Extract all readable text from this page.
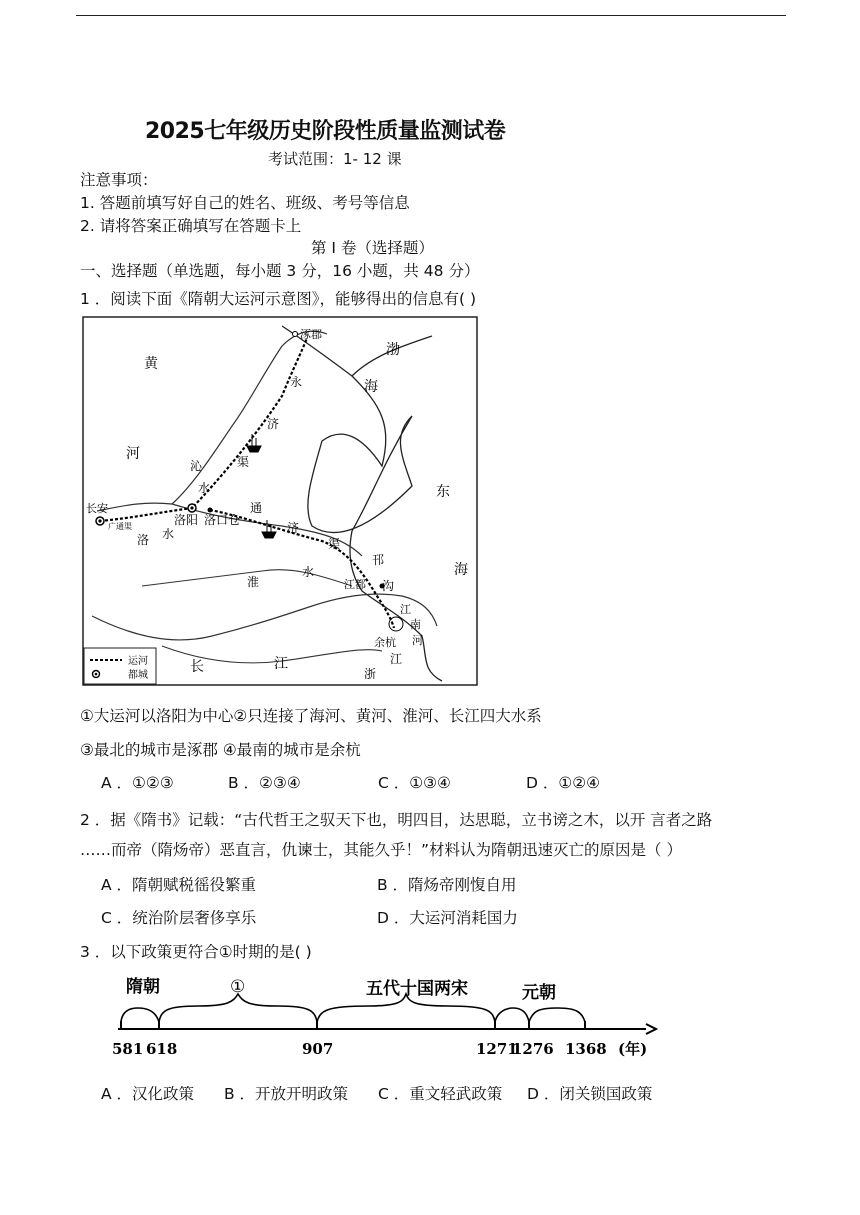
2025七年级历史阶段性质量监测试卷
考试范围：1- 12 课
注意事项：
1. 答题前填写好自己的姓名、班级、考号等信息
2. 请将答案正确填写在答题卡上
第 Ⅰ 卷（选择题）
一、选择题（单选题，每小题 3 分，16 小题，共 48 分）
1 ．阅读下面《隋朝大运河示意图》，能够得出的信息有( )
涿郡
渤
海
黄
河
永
济
沁	渠
水
长安
广通渠
洛 水
洛阳 洛口仓
通
济
渠
东
海
淮
水
邗
沟
江都
江
南
河
余杭
长	江
浙
江
运河
都城
①大运河以洛阳为中心②只连接了海河、黄河、淮河、长江四大水系
③最北的城市是涿郡 ④最南的城市是余杭
A ．①②③	B ．②③④	C ．①③④	D ．①②④
2 ．据《隋书》记载：“古代哲王之驭天下也，明四目，达思聪，立书谤之木，以开 言者之路
……而帝（隋炀帝）恶直言，仇谏士，其能久乎！”材料认为隋朝迅速灭亡的原因是（ ）
A ．隋朝赋税徭役繁重	B ．隋炀帝刚愎自用
C ．统治阶层奢侈享乐	D ．大运河消耗国力
3 ．以下政策更符合①时期的是( )
隋朝	①	五代十国两宋	元朝
581 618	907	1271
1276 1368 (年)
A ．汉化政策 B ．开放开明政策 C ．重文轻武政策 D ．闭关锁国政策
